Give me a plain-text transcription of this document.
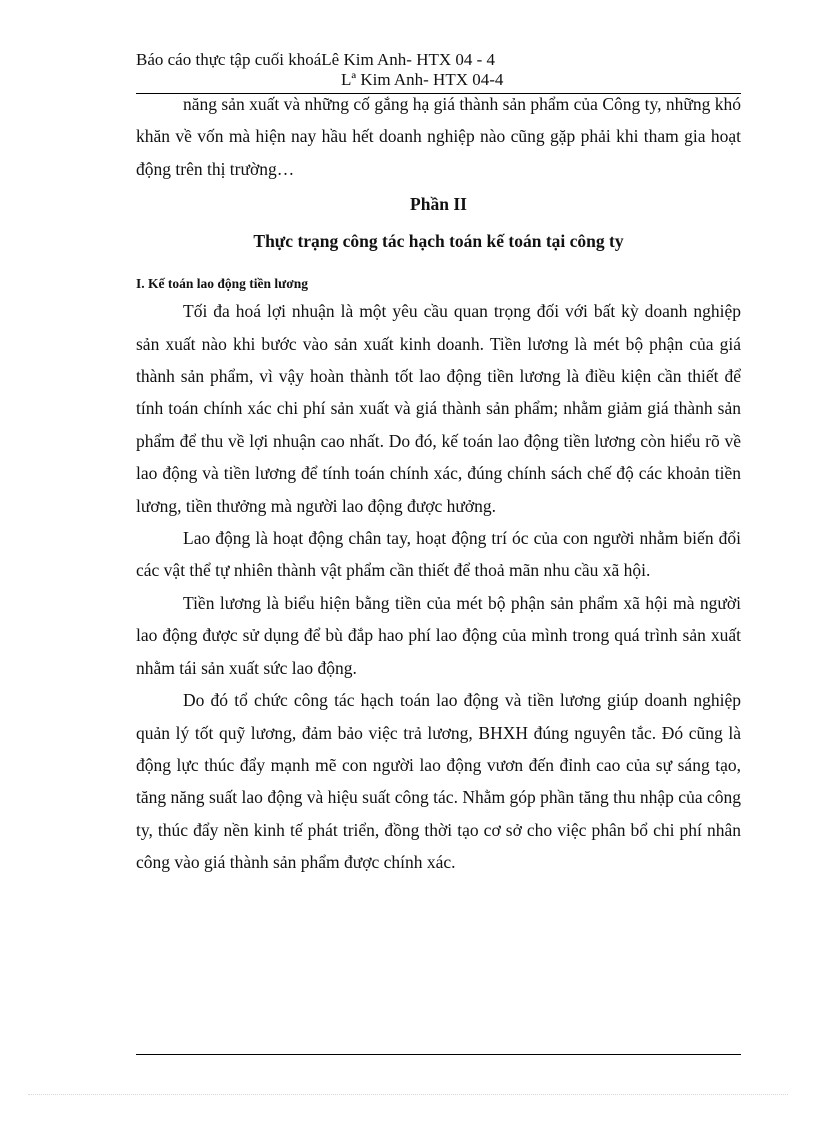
Báo cáo thực tập cuối khoáLê Kim Anh- HTX 04 - 4
Lª Kim Anh- HTX 04-4

năng sản xuất và những cố gắng hạ giá thành sản phẩm của Công ty, những khó khăn về vốn mà hiện nay hầu hết doanh nghiệp nào cũng gặp phải khi tham gia hoạt động trên thị trường…

Phần II
Thực trạng công tác hạch toán kế toán tại công ty
I. Kế toán lao động tiền lương

Tối đa hoá lợi nhuận là một yêu cầu quan trọng đối với bất kỳ doanh nghiệp sản xuất nào khi bước vào sản xuất kinh doanh. Tiền lương là mét bộ phận của giá thành sản phẩm, vì vậy hoàn thành tốt lao động tiền lương là điều kiện cần thiết để tính toán chính xác chi phí sản xuất và giá thành sản phẩm; nhằm giảm giá thành sản phẩm để thu về lợi nhuận cao nhất. Do đó, kế toán lao động tiền lương còn hiểu rõ về lao động và tiền lương để tính toán chính xác, đúng chính sách chế độ các khoản tiền lương, tiền thưởng mà người lao động được hưởng.

Lao động là hoạt động chân tay, hoạt động trí óc của con người nhằm biến đổi các vật thể tự nhiên thành vật phẩm cần thiết để thoả mãn nhu cầu xã hội.

Tiền lương là biểu hiện bằng tiền của mét bộ phận sản phẩm xã hội mà người lao động được sử dụng để bù đắp hao phí lao động của mình trong quá trình sản xuất nhằm tái sản xuất sức lao động.

Do đó tổ chức công tác hạch toán lao động và tiền lương giúp doanh nghiệp quản lý tốt quỹ lương, đảm bảo việc trả lương, BHXH đúng nguyên tắc. Đó cũng là động lực thúc đẩy mạnh mẽ con người lao động vươn đến đỉnh cao của sự sáng tạo, tăng năng suất lao động và hiệu suất công tác. Nhằm góp phần tăng thu nhập của công ty, thúc đẩy nền kinh tế phát triển, đồng thời tạo cơ sở cho việc phân bổ chi phí nhân công vào giá thành sản phẩm được chính xác.
